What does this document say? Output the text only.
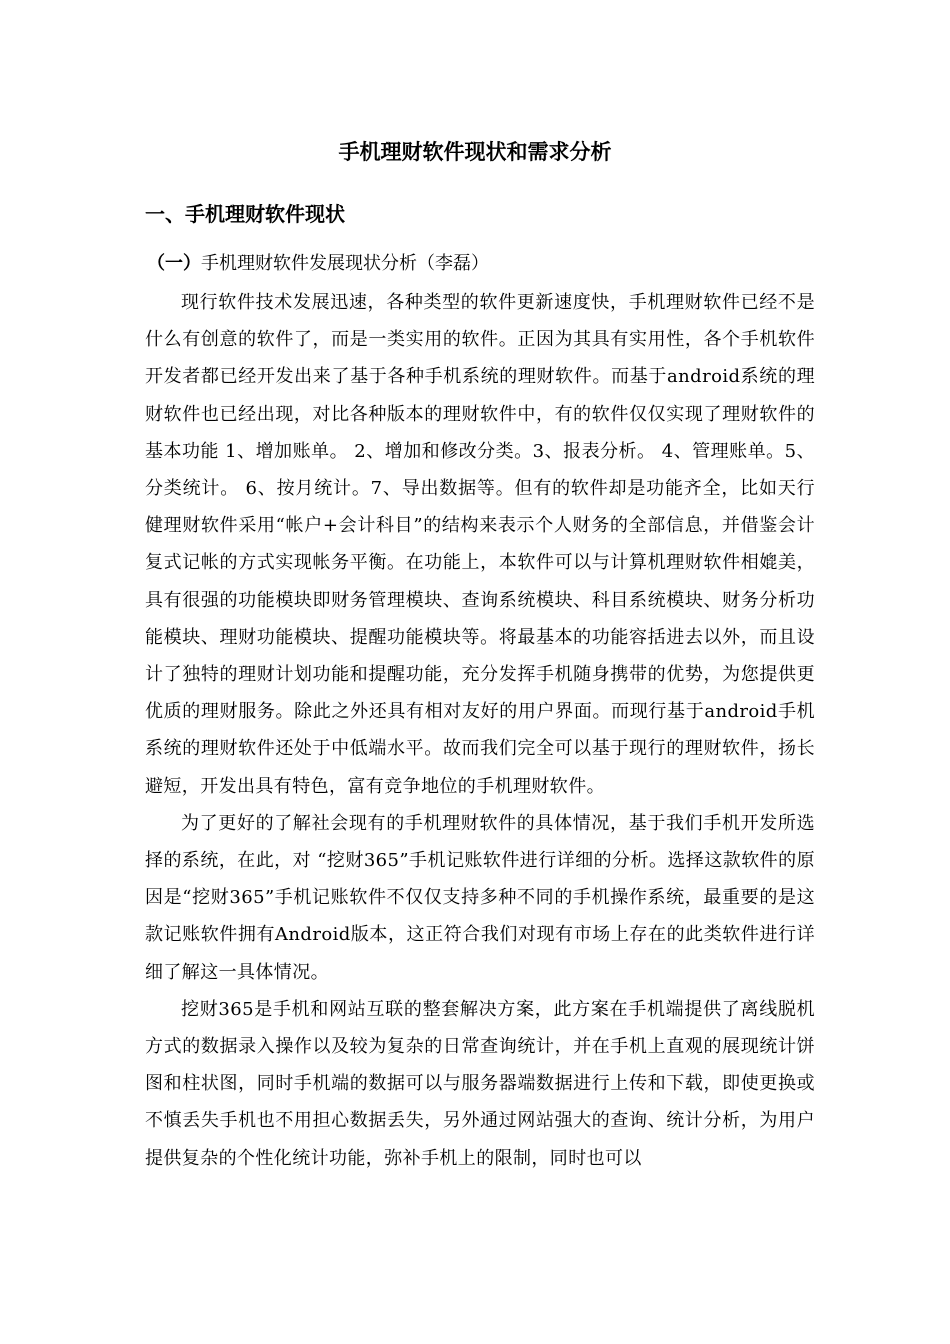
手机理财软件现状和需求分析
一、手机理财软件现状

（一）手机理财软件发展现状分析（李磊）

现行软件技术发展迅速，各种类型的软件更新速度快，手机理财软件已经不是什么有创意的软件了，而是一类实用的软件。正因为其具有实用性，各个手机软件开发者都已经开发出来了基于各种手机系统的理财软件。而基于android系统的理财软件也已经出现，对比各种版本的理财软件中，有的软件仅仅实现了理财软件的基本功能 1、增加账单。 2、增加和修改分类。3、报表分析。 4、管理账单。5、分类统计。 6、按月统计。7、导出数据等。但有的软件却是功能齐全，比如天行健理财软件采用“帐户+会计科目”的结构来表示个人财务的全部信息，并借鉴会计复式记帐的方式实现帐务平衡。在功能上，本软件可以与计算机理财软件相媲美，具有很强的功能模块即财务管理模块、查询系统模块、科目系统模块、财务分析功能模块、理财功能模块、提醒功能模块等。将最基本的功能容括进去以外，而且设计了独特的理财计划功能和提醒功能，充分发挥手机随身携带的优势，为您提供更优质的理财服务。除此之外还具有相对友好的用户界面。而现行基于android手机系统的理财软件还处于中低端水平。故而我们完全可以基于现行的理财软件，扬长避短，开发出具有特色，富有竞争地位的手机理财软件。

为了更好的了解社会现有的手机理财软件的具体情况，基于我们手机开发所选择的系统，在此，对 “挖财365”手机记账软件进行详细的分析。选择这款软件的原因是“挖财365”手机记账软件不仅仅支持多种不同的手机操作系统，最重要的是这款记账软件拥有Android版本，这正符合我们对现有市场上存在的此类软件进行详细了解这一具体情况。

挖财365是手机和网站互联的整套解决方案，此方案在手机端提供了离线脱机方式的数据录入操作以及较为复杂的日常查询统计，并在手机上直观的展现统计饼图和柱状图，同时手机端的数据可以与服务器端数据进行上传和下载，即使更换或不慎丢失手机也不用担心数据丢失，另外通过网站强大的查询、统计分析，为用户提供复杂的个性化统计功能，弥补手机上的限制，同时也可以
